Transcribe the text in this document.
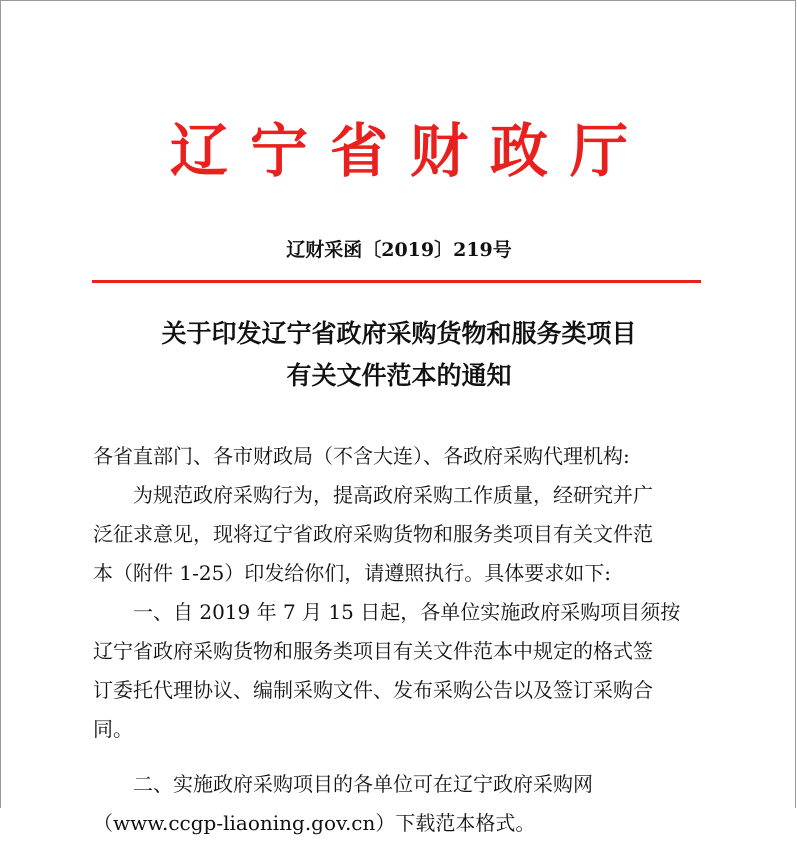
辽宁省财政厅
辽财采函〔2019〕219号
关于印发辽宁省政府采购货物和服务类项目
有关文件范本的通知
各省直部门、各市财政局（不含大连）、各政府采购代理机构:
为规范政府采购行为，提高政府采购工作质量，经研究并广
泛征求意见，现将辽宁省政府采购货物和服务类项目有关文件范
本（附件 1-25）印发给你们，请遵照执行。具体要求如下:
一、自 2019 年 7 月 15 日起，各单位实施政府采购项目须按
辽宁省政府采购货物和服务类项目有关文件范本中规定的格式签
订委托代理协议、编制采购文件、发布采购公告以及签订采购合
同。
二、实施政府采购项目的各单位可在辽宁政府采购网
（www.ccgp-liaoning.gov.cn）下载范本格式。
